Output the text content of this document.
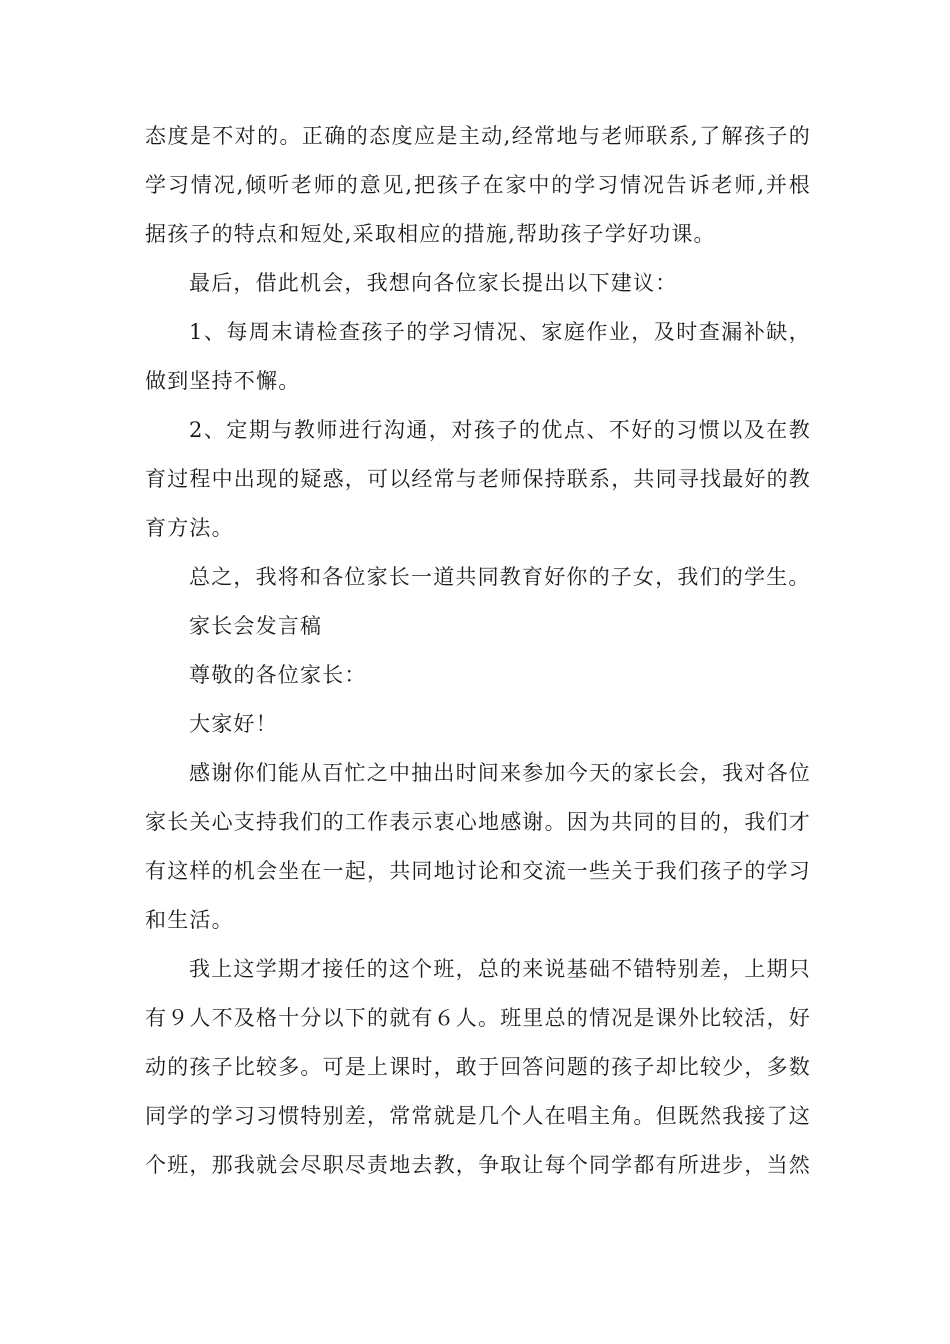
态度是不对的。正确的态度应是主动,经常地与老师联系,了解孩子的学习情况,倾听老师的意见,把孩子在家中的学习情况告诉老师,并根据孩子的特点和短处,采取相应的措施,帮助孩子学好功课。

最后，借此机会，我想向各位家长提出以下建议：

1、每周末请检查孩子的学习情况、家庭作业，及时查漏补缺，做到坚持不懈。

2、定期与教师进行沟通，对孩子的优点、不好的习惯以及在教育过程中出现的疑惑，可以经常与老师保持联系，共同寻找最好的教育方法。

总之，我将和各位家长一道共同教育好你的子女，我们的学生。

家长会发言稿

尊敬的各位家长：

大家好！

感谢你们能从百忙之中抽出时间来参加今天的家长会，我对各位家长关心支持我们的工作表示衷心地感谢。因为共同的目的，我们才有这样的机会坐在一起，共同地讨论和交流一些关于我们孩子的学习和生活。

我上这学期才接任的这个班，总的来说基础不错特别差，上期只有９人不及格十分以下的就有６人。班里总的情况是课外比较活，好动的孩子比较多。可是上课时，敢于回答问题的孩子却比较少，多数同学的学习习惯特别差，常常就是几个人在唱主角。但既然我接了这个班，那我就会尽职尽责地去教，争取让每个同学都有所进步，当然
